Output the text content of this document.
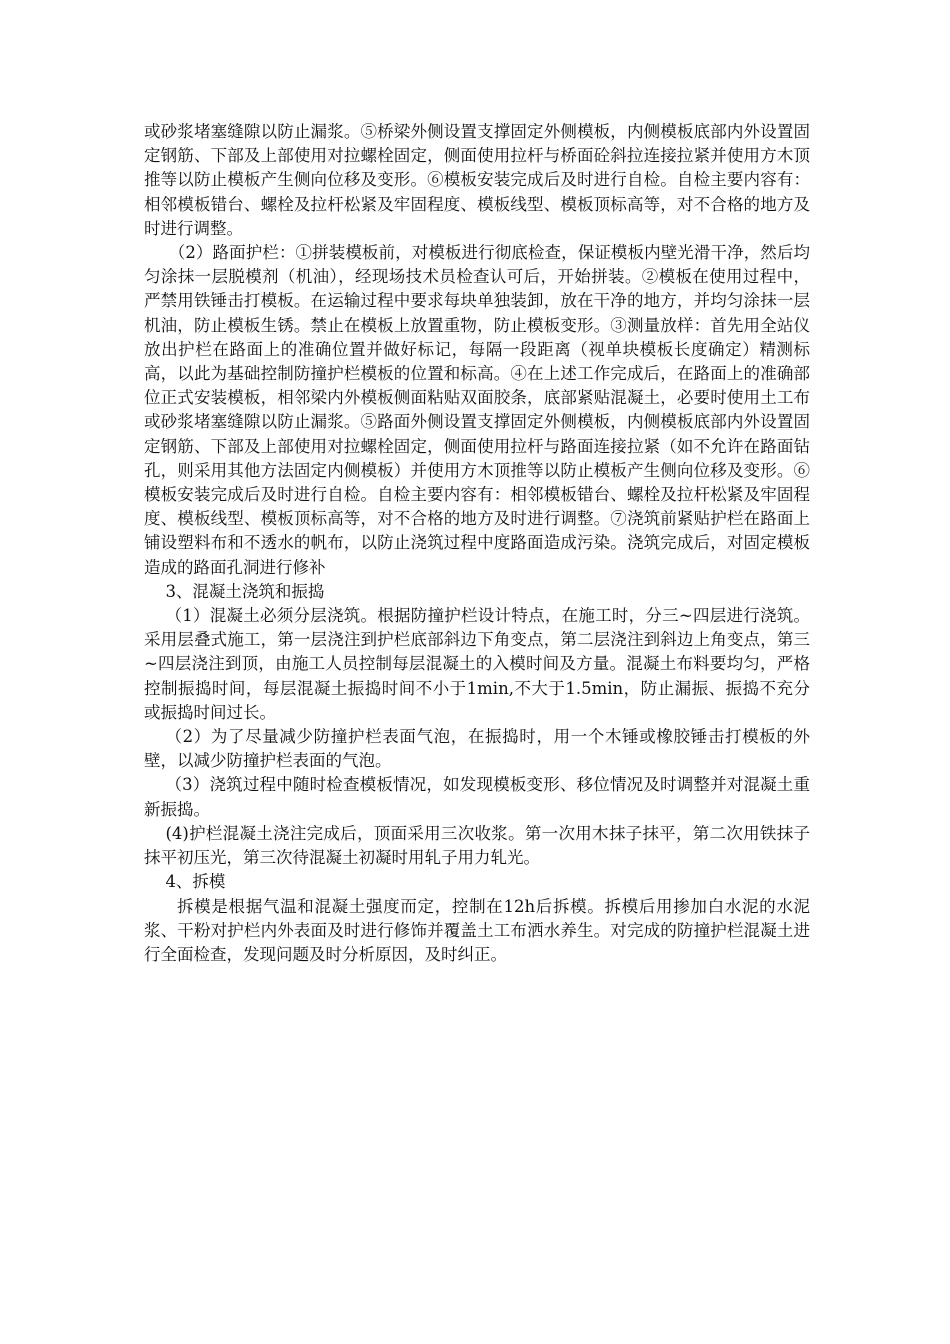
或砂浆堵塞缝隙以防止漏浆。⑤桥梁外侧设置支撑固定外侧模板，内侧模板底部内外设置固定钢筋、下部及上部使用对拉螺栓固定，侧面使用拉杆与桥面砼斜拉连接拉紧并使用方木顶推等以防止模板产生侧向位移及变形。⑥模板安装完成后及时进行自检。自检主要内容有：相邻模板错台、螺栓及拉杆松紧及牢固程度、模板线型、模板顶标高等，对不合格的地方及时进行调整。

（2）路面护栏：①拼装模板前，对模板进行彻底检查，保证模板内壁光滑干净，然后均匀涂抹一层脱模剂（机油），经现场技术员检查认可后，开始拼装。②模板在使用过程中，严禁用铁锤击打模板。在运输过程中要求每块单独装卸，放在干净的地方，并均匀涂抹一层机油，防止模板生锈。禁止在模板上放置重物，防止模板变形。③测量放样：首先用全站仪放出护栏在路面上的准确位置并做好标记，每隔一段距离（视单块模板长度确定）精测标高，以此为基础控制防撞护栏模板的位置和标高。④在上述工作完成后，在路面上的准确部位正式安装模板，相邻梁内外模板侧面粘贴双面胶条，底部紧贴混凝土，必要时使用土工布或砂浆堵塞缝隙以防止漏浆。⑤路面外侧设置支撑固定外侧模板，内侧模板底部内外设置固定钢筋、下部及上部使用对拉螺栓固定，侧面使用拉杆与路面连接拉紧（如不允许在路面钻孔，则采用其他方法固定内侧模板）并使用方木顶推等以防止模板产生侧向位移及变形。⑥模板安装完成后及时进行自检。自检主要内容有：相邻模板错台、螺栓及拉杆松紧及牢固程度、模板线型、模板顶标高等，对不合格的地方及时进行调整。⑦浇筑前紧贴护栏在路面上铺设塑料布和不透水的帆布，以防止浇筑过程中度路面造成污染。浇筑完成后，对固定模板造成的路面孔洞进行修补

3、混凝土浇筑和振捣

（1）混凝土必须分层浇筑。根据防撞护栏设计特点，在施工时，分三~四层进行浇筑。采用层叠式施工，第一层浇注到护栏底部斜边下角变点，第二层浇注到斜边上角变点，第三~四层浇注到顶，由施工人员控制每层混凝土的入模时间及方量。混凝土布料要均匀，严格控制振捣时间，每层混凝土振捣时间不小于1min,不大于1.5min，防止漏振、振捣不充分或振捣时间过长。

（2）为了尽量减少防撞护栏表面气泡，在振捣时，用一个木锤或橡胶锤击打模板的外壁，以减少防撞护栏表面的气泡。

（3）浇筑过程中随时检查模板情况，如发现模板变形、移位情况及时调整并对混凝土重新振捣。

(4)护栏混凝土浇注完成后，顶面采用三次收浆。第一次用木抹子抹平，第二次用铁抹子抹平初压光，第三次待混凝土初凝时用轧子用力轧光。

4、拆模

拆模是根据气温和混凝土强度而定，控制在12h后拆模。拆模后用掺加白水泥的水泥浆、干粉对护栏内外表面及时进行修饰并覆盖土工布洒水养生。对完成的防撞护栏混凝土进行全面检查，发现问题及时分析原因，及时纠正。
